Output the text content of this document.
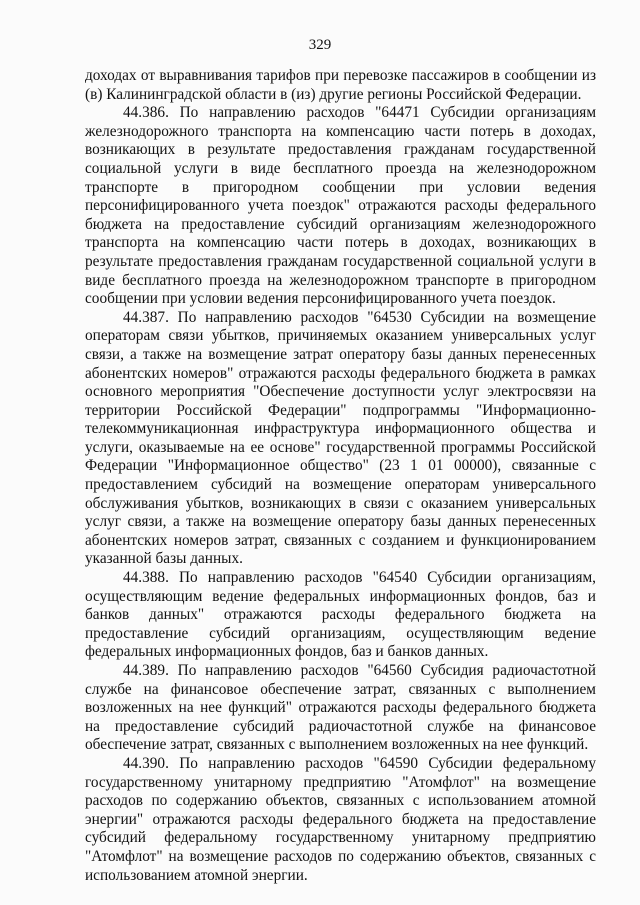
329

доходах от выравнивания тарифов при перевозке пассажиров в сообщении из (в) Калининградской области в (из) другие регионы Российской Федерации.

44.386. По направлению расходов "64471 Субсидии организациям железнодорожного транспорта на компенсацию части потерь в доходах, возникающих в результате предоставления гражданам государственной социальной услуги в виде бесплатного проезда на железнодорожном транспорте в пригородном сообщении при условии ведения персонифицированного учета поездок" отражаются расходы федерального бюджета на предоставление субсидий организациям железнодорожного транспорта на компенсацию части потерь в доходах, возникающих в результате предоставления гражданам государственной социальной услуги в виде бесплатного проезда на железнодорожном транспорте в пригородном сообщении при условии ведения персонифицированного учета поездок.

44.387. По направлению расходов "64530 Субсидии на возмещение операторам связи убытков, причиняемых оказанием универсальных услуг связи, а также на возмещение затрат оператору базы данных перенесенных абонентских номеров" отражаются расходы федерального бюджета в рамках основного мероприятия "Обеспечение доступности услуг электросвязи на территории Российской Федерации" подпрограммы "Информационно-телекоммуникационная инфраструктура информационного общества и услуги, оказываемые на ее основе" государственной программы Российской Федерации "Информационное общество" (23 1 01 00000), связанные с предоставлением субсидий на возмещение операторам универсального обслуживания убытков, возникающих в связи с оказанием универсальных услуг связи, а также на возмещение оператору базы данных перенесенных абонентских номеров затрат, связанных с созданием и функционированием указанной базы данных.

44.388. По направлению расходов "64540 Субсидии организациям, осуществляющим ведение федеральных информационных фондов, баз и банков данных" отражаются расходы федерального бюджета на предоставление субсидий организациям, осуществляющим ведение федеральных информационных фондов, баз и банков данных.

44.389. По направлению расходов "64560 Субсидия радиочастотной службе на финансовое обеспечение затрат, связанных с выполнением возложенных на нее функций" отражаются расходы федерального бюджета на предоставление субсидий радиочастотной службе на финансовое обеспечение затрат, связанных с выполнением возложенных на нее функций.

44.390. По направлению расходов "64590 Субсидии федеральному государственному унитарному предприятию "Атомфлот" на возмещение расходов по содержанию объектов, связанных с использованием атомной энергии" отражаются расходы федерального бюджета на предоставление субсидий федеральному государственному унитарному предприятию "Атомфлот" на возмещение расходов по содержанию объектов, связанных с использованием атомной энергии.
